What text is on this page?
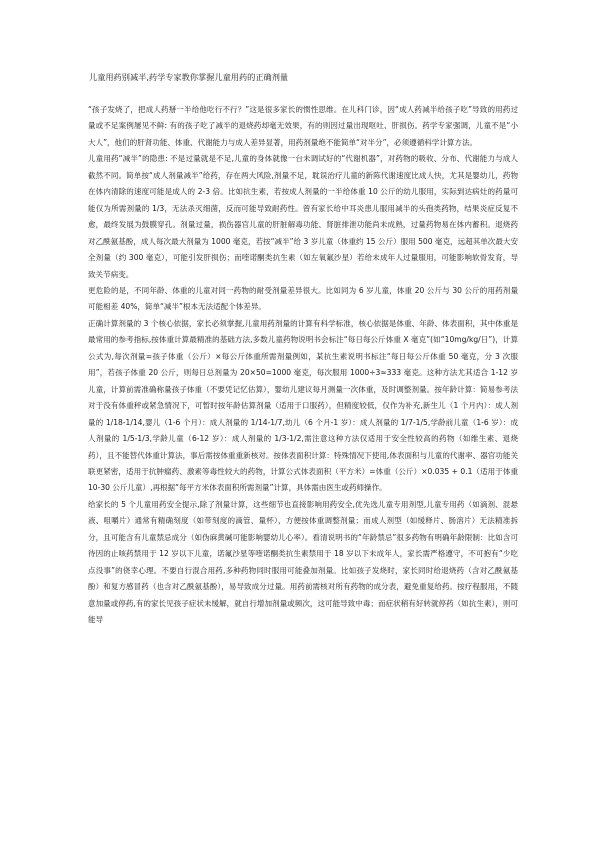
儿童用药别减半,药学专家教你掌握儿童用药的正确剂量

“孩子发烧了，把成人药掰一半给他吃行不行？”这是很多家长的惯性思维。在儿科门诊，因“成人药减半给孩子吃”导致的用药过量或不足案例屡见不鲜: 有的孩子吃了减半的退烧药却毫无效果，有的则因过量出现呕吐、肝损伤。药学专家强调，儿童不是“小大人”，他们的肝肾功能、体重、代谢能力与成人差异显著，用药剂量绝不能简单“对半分”，必须遵循科学计算方法。

儿童用药“减半”的隐患: 不是过量就是不足,儿童的身体就像一台未调试好的“代谢机器”，对药物的吸收、分布、代谢能力与成人截然不同。简单按“成人剂量减半”给药，存在两大风险,剂量不足，耽误治疗儿童的新陈代谢速度比成人快，尤其是婴幼儿，药物在体内清除的速度可能是成人的 2-3 倍。比如抗生素，若按成人剂量的一半给体重 10 公斤的幼儿服用，实际到达病灶的药量可能仅为所需剂量的 1/3，无法杀灭细菌，反而可能导致耐药性。曾有家长给中耳炎患儿服用减半的头孢类药物，结果炎症反复不愈，最终发展为鼓膜穿孔。剂量过量，损伤器官儿童的肝脏解毒功能、肾脏排泄功能尚未成熟，过量药物易在体内蓄积。退烧药对乙酰氨基酚，成人每次最大剂量为 1000 毫克，若按“减半”给 3 岁儿童（体重约 15 公斤）服用 500 毫克，远超其单次最大安全剂量（约 300 毫克），可能引发肝损伤；而喹诺酮类抗生素（如左氧氟沙星）若给未成年人过量服用，可能影响软骨发育，导致关节病变。

更危险的是，不同年龄、体重的儿童对同一药物的耐受剂量差异很大。比如同为 6 岁儿童，体重 20 公斤与 30 公斤的用药剂量可能相差 40%，简单“减半”根本无法适配个体差异。

正确计算剂量的 3 个核心依据，家长必须掌握,儿童用药剂量的计算有科学标准，核心依据是体重、年龄、体表面积，其中体重是最常用的参考指标,按体重计算最精准的基础方法,多数儿童药物说明书会标注“每日每公斤体重 X 毫克”(如“10mg/kg/日”)，计算公式为,每次剂量=孩子体重（公斤）×每公斤体重所需剂量例如，某抗生素说明书标注“每日每公斤体重 50 毫克，分 3 次服用”，若孩子体重 20 公斤，则每日总剂量为 20×50=1000 毫克，每次服用 1000÷3≈333 毫克。这种方法尤其适合 1-12 岁儿童，计算前需准确称量孩子体重（不要凭记忆估算），婴幼儿建议每月测量一次体重，及时调整剂量。按年龄计算：简易参考法对于没有体重秤或紧急情况下，可暂时按年龄估算剂量（适用于口服药），但精度较低，仅作为补充,新生儿（1 个月内）：成人剂量的 1/18-1/14,婴儿（1-6 个月）：成人剂量的 1/14-1/7,幼儿（6 个月-1 岁）：成人剂量的 1/7-1/5,学龄前儿童（1-6 岁）：成人剂量的 1/5-1/3,学龄儿童（6-12 岁）：成人剂量的 1/3-1/2,需注意这种方法仅适用于安全性较高的药物（如维生素、退烧药），且不能替代体重计算法，事后需按体重重新核对。按体表面积计算：特殊情况下使用,体表面积与儿童的代谢率、器官功能关联更紧密，适用于抗肿瘤药、激素等毒性较大的药物，计算公式体表面积（平方米）=体重（公斤）×0.035 + 0.1（适用于体重 10-30 公斤儿童）,再根据“每平方米体表面积所需剂量”计算，具体需由医生或药师操作。

给家长的 5 个儿童用药安全提示,除了剂量计算，这些细节也直接影响用药安全,优先选儿童专用剂型,儿童专用药（如滴剂、混悬液、咀嚼片）通常有精确刻度（如带刻度的滴管、量杯），方便按体重调整剂量；而成人剂型（如缓释片、肠溶片）无法精准拆分，且可能含有儿童禁忌成分（如伪麻黄碱可能影响婴幼儿心率）。看清说明书的“年龄禁忌”很多药物有明确年龄限制：比如含可待因的止咳药禁用于 12 岁以下儿童，诺氟沙星等喹诺酮类抗生素禁用于 18 岁以下未成年人，家长需严格遵守，不可抱有“少吃点没事”的侥幸心理。不要自行混合用药,多种药物同时服用可能叠加剂量。比如孩子发烧时，家长同时给退烧药（含对乙酰氨基酚）和复方感冒药（也含对乙酰氨基酚），易导致成分过量。用药前需核对所有药物的成分表，避免重复给药。按疗程服用，不随意加量或停药,有的家长见孩子症状未缓解，就自行增加剂量或频次，这可能导致中毒；而症状稍有好转就停药（如抗生素），则可能导
